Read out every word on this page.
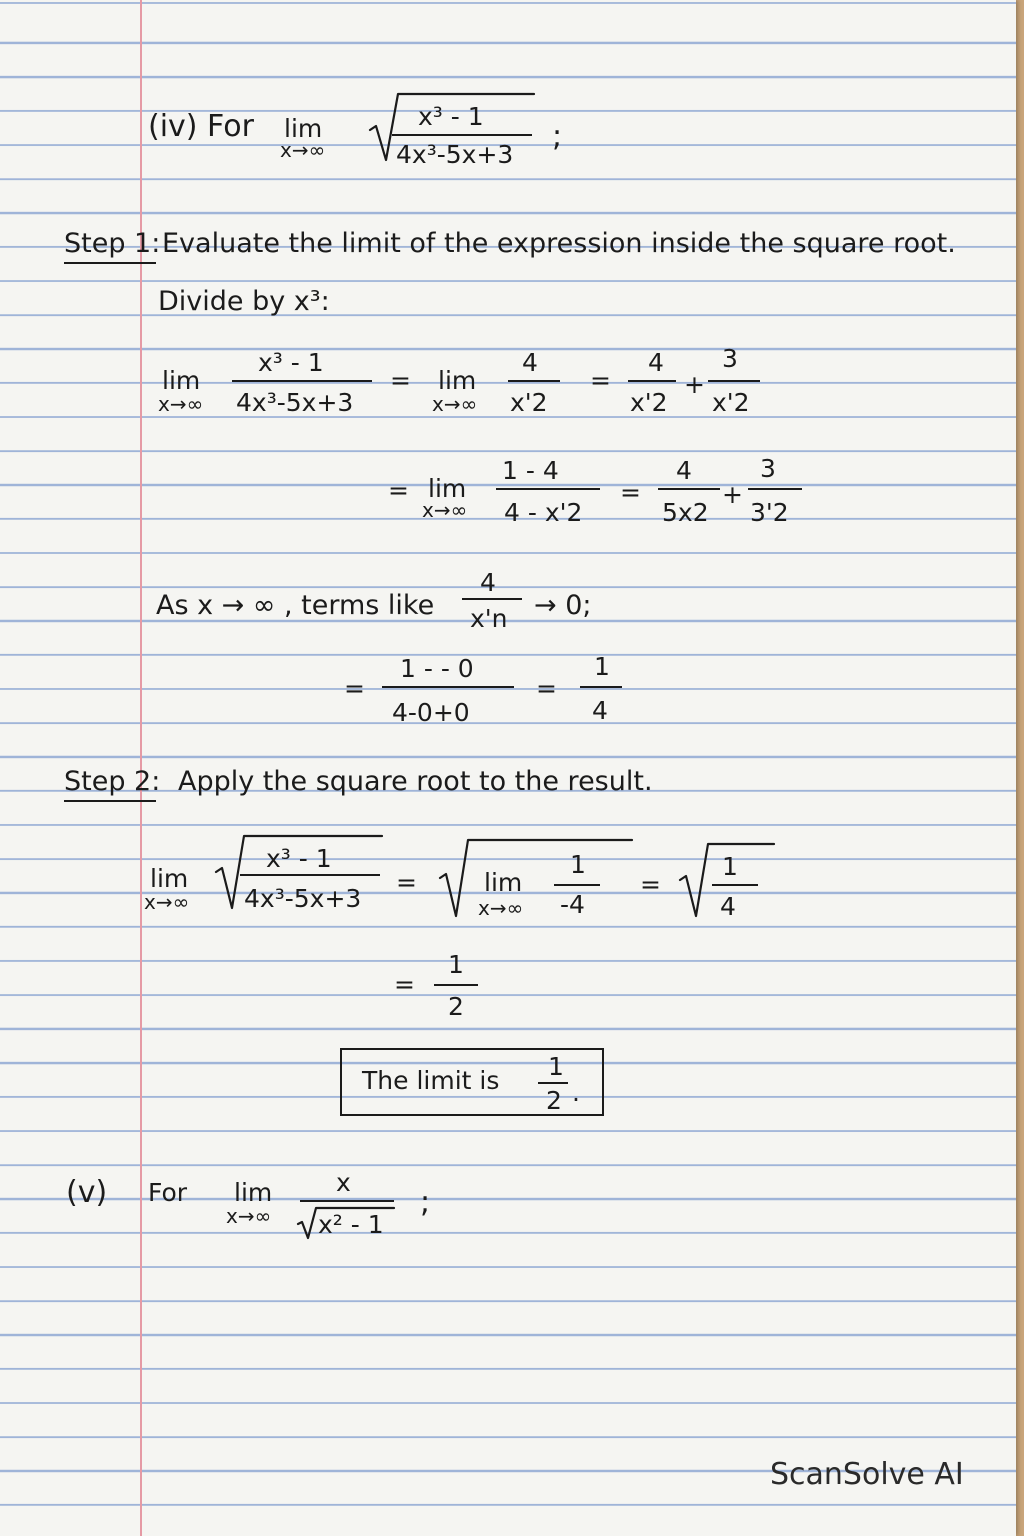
(iv) For lim
x→∞
x³ - 1
4x³-5x+3
;
Step 1: Evaluate the limit of the expression inside the square root.
Divide by x³:
lim
x→∞
x³ - 1
4x³-5x+3
= lim
x→∞
4
x'2
=
4
x'2
+
3
x'2
= lim
x→∞
1 - 4
4 - x'2
=
4
5x2
+
3
3'2
As x → ∞ , terms like
4
x'n → 0;
=
1 - - 0
4-0+0
=
1
4
Step 2: Apply the square root to the result.
lim
x→∞
x³ - 1
4x³-5x+3
=	lim
x→∞
1
-4
=
1
4
=
1
2
The limit is 1
2 .
(v) For lim
x→∞
x
x² - 1
;
ScanSolve AI
